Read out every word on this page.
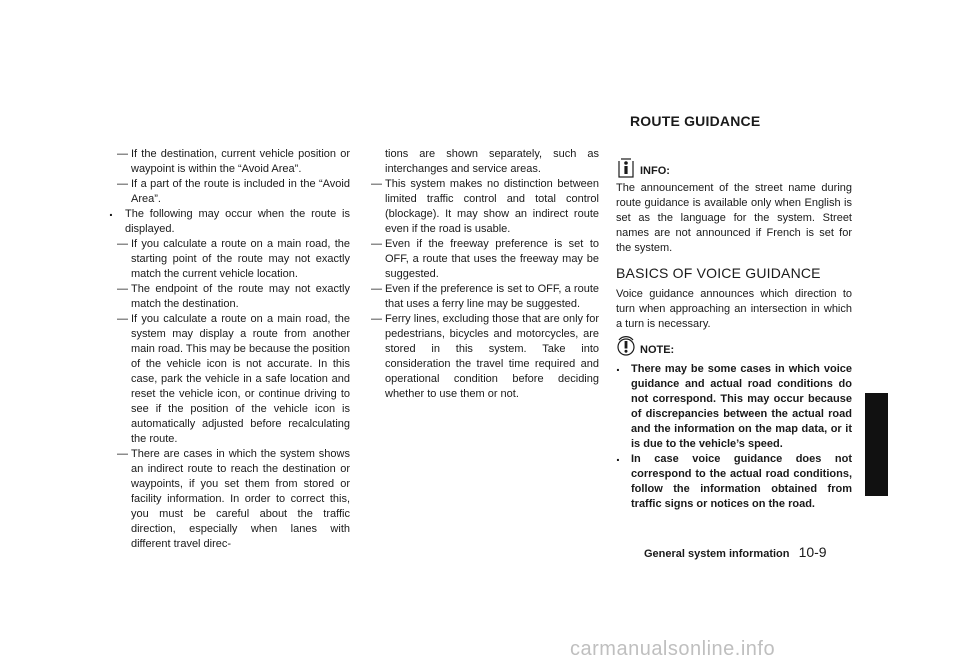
ROUTE GUIDANCE

— If the destination, current vehicle position or waypoint is within the “Avoid Area”.

— If a part of the route is included in the “Avoid Area”.

. The following may occur when the route is displayed.

— If you calculate a route on a main road, the starting point of the route may not exactly match the current vehicle location.

— The endpoint of the route may not exactly match the destination.

— If you calculate a route on a main road, the system may display a route from another main road. This may be because the position of the vehicle icon is not accurate. In this case, park the vehicle in a safe location and reset the vehicle icon, or continue driving to see if the position of the vehicle icon is automatically adjusted before recalculating the route.

— There are cases in which the system shows an indirect route to reach the destination or waypoints, if you set them from stored or facility information. In order to correct this, you must be careful about the traffic direction, especially when lanes with different travel direc-

tions are shown separately, such as interchanges and service areas.

— This system makes no distinction between limited traffic control and total control (blockage). It may show an indirect route even if the road is usable.

— Even if the freeway preference is set to OFF, a route that uses the freeway may be suggested.

— Even if the preference is set to OFF, a route that uses a ferry line may be suggested.

— Ferry lines, excluding those that are only for pedestrians, bicycles and motorcycles, are stored in this system. Take into consideration the travel time required and operational condition before deciding whether to use them or not.

INFO:

The announcement of the street name during route guidance is available only when English is set as the language for the system. Street names are not announced if French is set for the system.

BASICS OF VOICE GUIDANCE

Voice guidance announces which direction to turn when approaching an intersection in which a turn is necessary.

NOTE:

. There may be some cases in which voice guidance and actual road conditions do not correspond. This may occur because of discrepancies between the actual road and the information on the map data, or it is due to the vehicle’s speed.

. In case voice guidance does not correspond to the actual road conditions, follow the information obtained from traffic signs or notices on the road.

General system information 10-9
carmanualsonline.info
